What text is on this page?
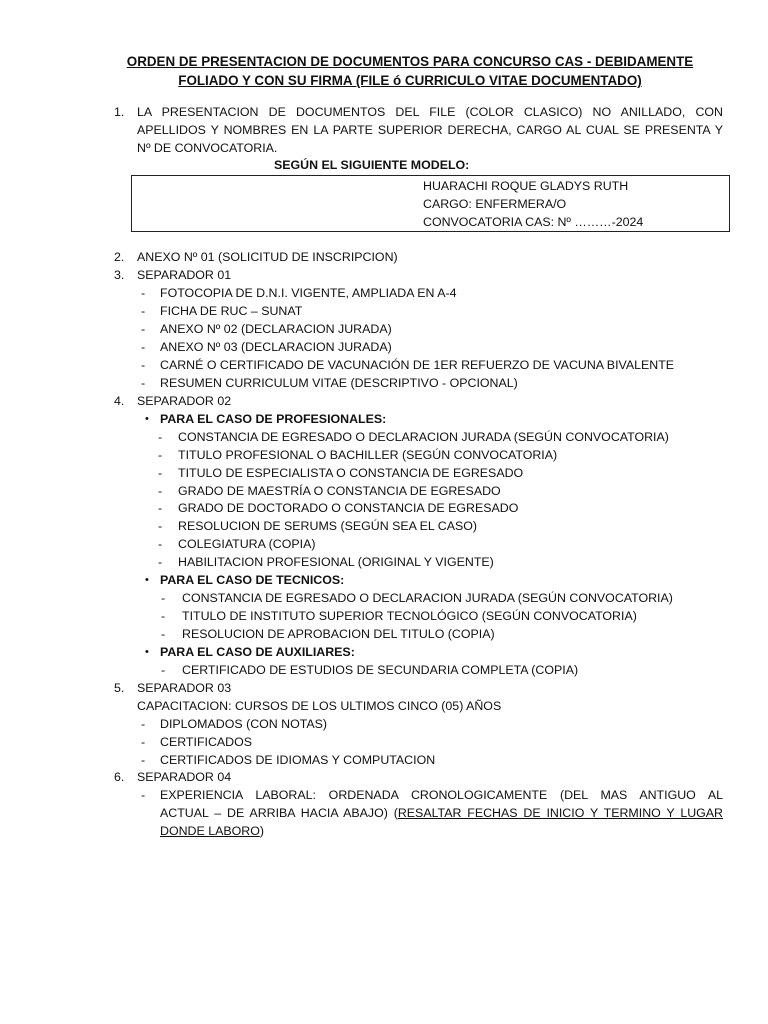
ORDEN DE PRESENTACION DE DOCUMENTOS PARA CONCURSO CAS - DEBIDAMENTE
FOLIADO Y CON SU FIRMA (FILE ó CURRICULO VITAE DOCUMENTADO)
1. LA PRESENTACION DE DOCUMENTOS DEL FILE (COLOR CLASICO) NO ANILLADO, CON
APELLIDOS Y NOMBRES EN LA PARTE SUPERIOR DERECHA, CARGO AL CUAL SE PRESENTA Y
Nº DE CONVOCATORIA.
SEGÚN EL SIGUIENTE MODELO:
HUARACHI ROQUE GLADYS RUTH
CARGO: ENFERMERA/O
CONVOCATORIA CAS: Nº ………-2024
2. ANEXO Nº 01 (SOLICITUD DE INSCRIPCION)
3. SEPARADOR 01
- FOTOCOPIA DE D.N.I. VIGENTE, AMPLIADA EN A-4
- FICHA DE RUC – SUNAT
- ANEXO Nº 02 (DECLARACION JURADA)
- ANEXO Nº 03 (DECLARACION JURADA)
- CARNÉ O CERTIFICADO DE VACUNACIÓN DE 1ER REFUERZO DE VACUNA BIVALENTE
- RESUMEN CURRICULUM VITAE (DESCRIPTIVO - OPCIONAL)
4. SEPARADOR 02
• PARA EL CASO DE PROFESIONALES:
- CONSTANCIA DE EGRESADO O DECLARACION JURADA (SEGÚN CONVOCATORIA)
- TITULO PROFESIONAL O BACHILLER (SEGÚN CONVOCATORIA)
- TITULO DE ESPECIALISTA O CONSTANCIA DE EGRESADO
- GRADO DE MAESTRÍA O CONSTANCIA DE EGRESADO
- GRADO DE DOCTORADO O CONSTANCIA DE EGRESADO
- RESOLUCION DE SERUMS (SEGÚN SEA EL CASO)
- COLEGIATURA (COPIA)
- HABILITACION PROFESIONAL (ORIGINAL Y VIGENTE)
• PARA EL CASO DE TECNICOS:
- CONSTANCIA DE EGRESADO O DECLARACION JURADA (SEGÚN CONVOCATORIA)
- TITULO DE INSTITUTO SUPERIOR TECNOLÓGICO (SEGÚN CONVOCATORIA)
- RESOLUCION DE APROBACION DEL TITULO (COPIA)
• PARA EL CASO DE AUXILIARES:
- CERTIFICADO DE ESTUDIOS DE SECUNDARIA COMPLETA (COPIA)
5. SEPARADOR 03
CAPACITACION: CURSOS DE LOS ULTIMOS CINCO (05) AÑOS
- DIPLOMADOS (CON NOTAS)
- CERTIFICADOS
- CERTIFICADOS DE IDIOMAS Y COMPUTACION
6. SEPARADOR 04
- EXPERIENCIA LABORAL: ORDENADA CRONOLOGICAMENTE (DEL MAS ANTIGUO AL
ACTUAL – DE ARRIBA HACIA ABAJO) (RESALTAR FECHAS DE INICIO Y TERMINO Y LUGAR
DONDE LABORO)
